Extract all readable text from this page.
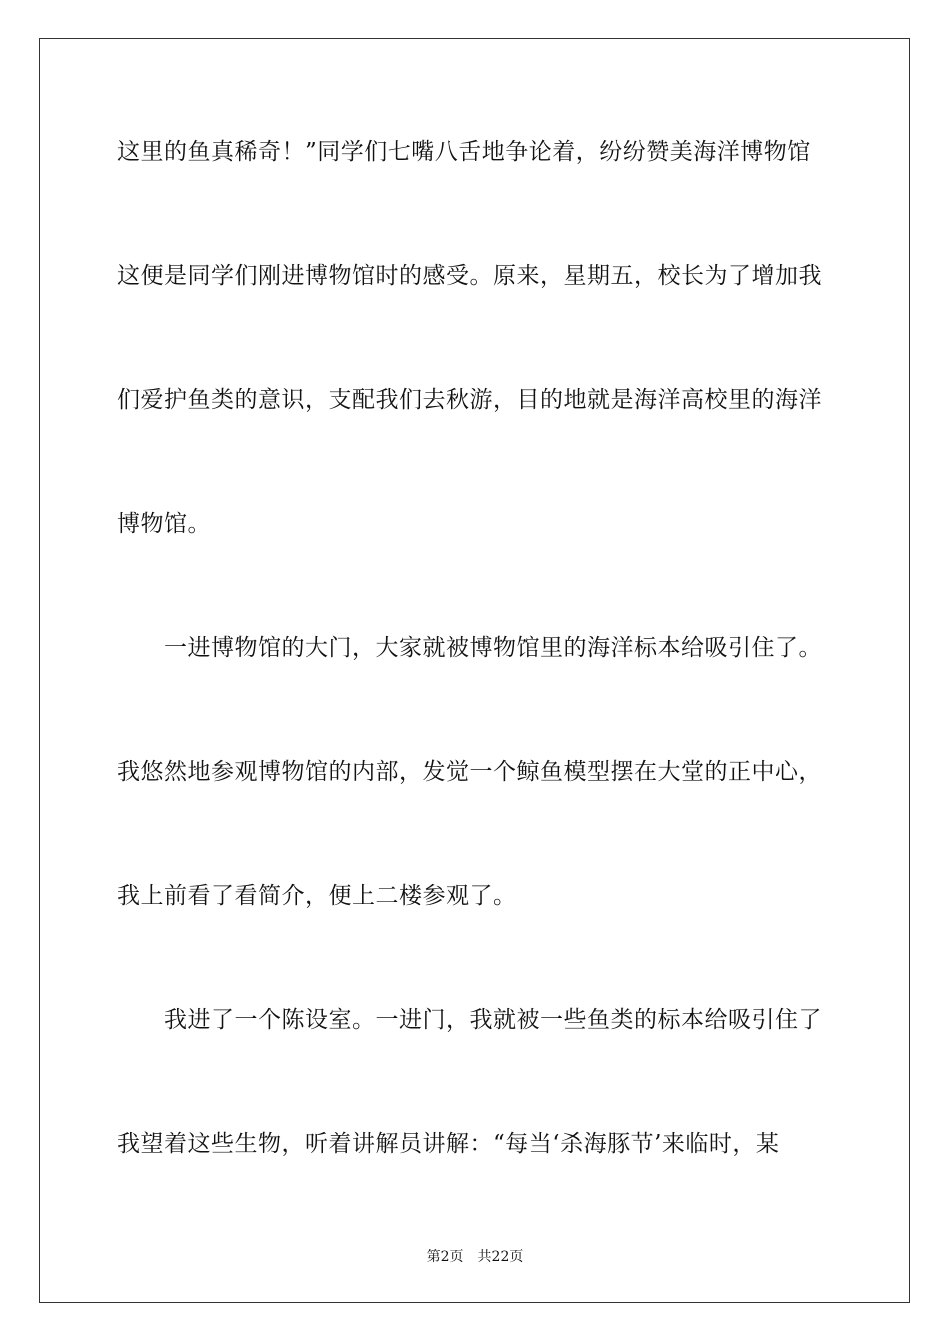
这里的鱼真稀奇！”同学们七嘴八舌地争论着，纷纷赞美海洋博物馆
这便是同学们刚进博物馆时的感受。原来，星期五，校长为了增加我
们爱护鱼类的意识，支配我们去秋游，目的地就是海洋高校里的海洋
博物馆。
一进博物馆的大门，大家就被博物馆里的海洋标本给吸引住了。
我悠然地参观博物馆的内部，发觉一个鲸鱼模型摆在大堂的正中心，
我上前看了看简介，便上二楼参观了。
我进了一个陈设室。一进门，我就被一些鱼类的标本给吸引住了
我望着这些生物，听着讲解员讲解：“每当‘杀海豚节’来临时，某
第2页 共22页
